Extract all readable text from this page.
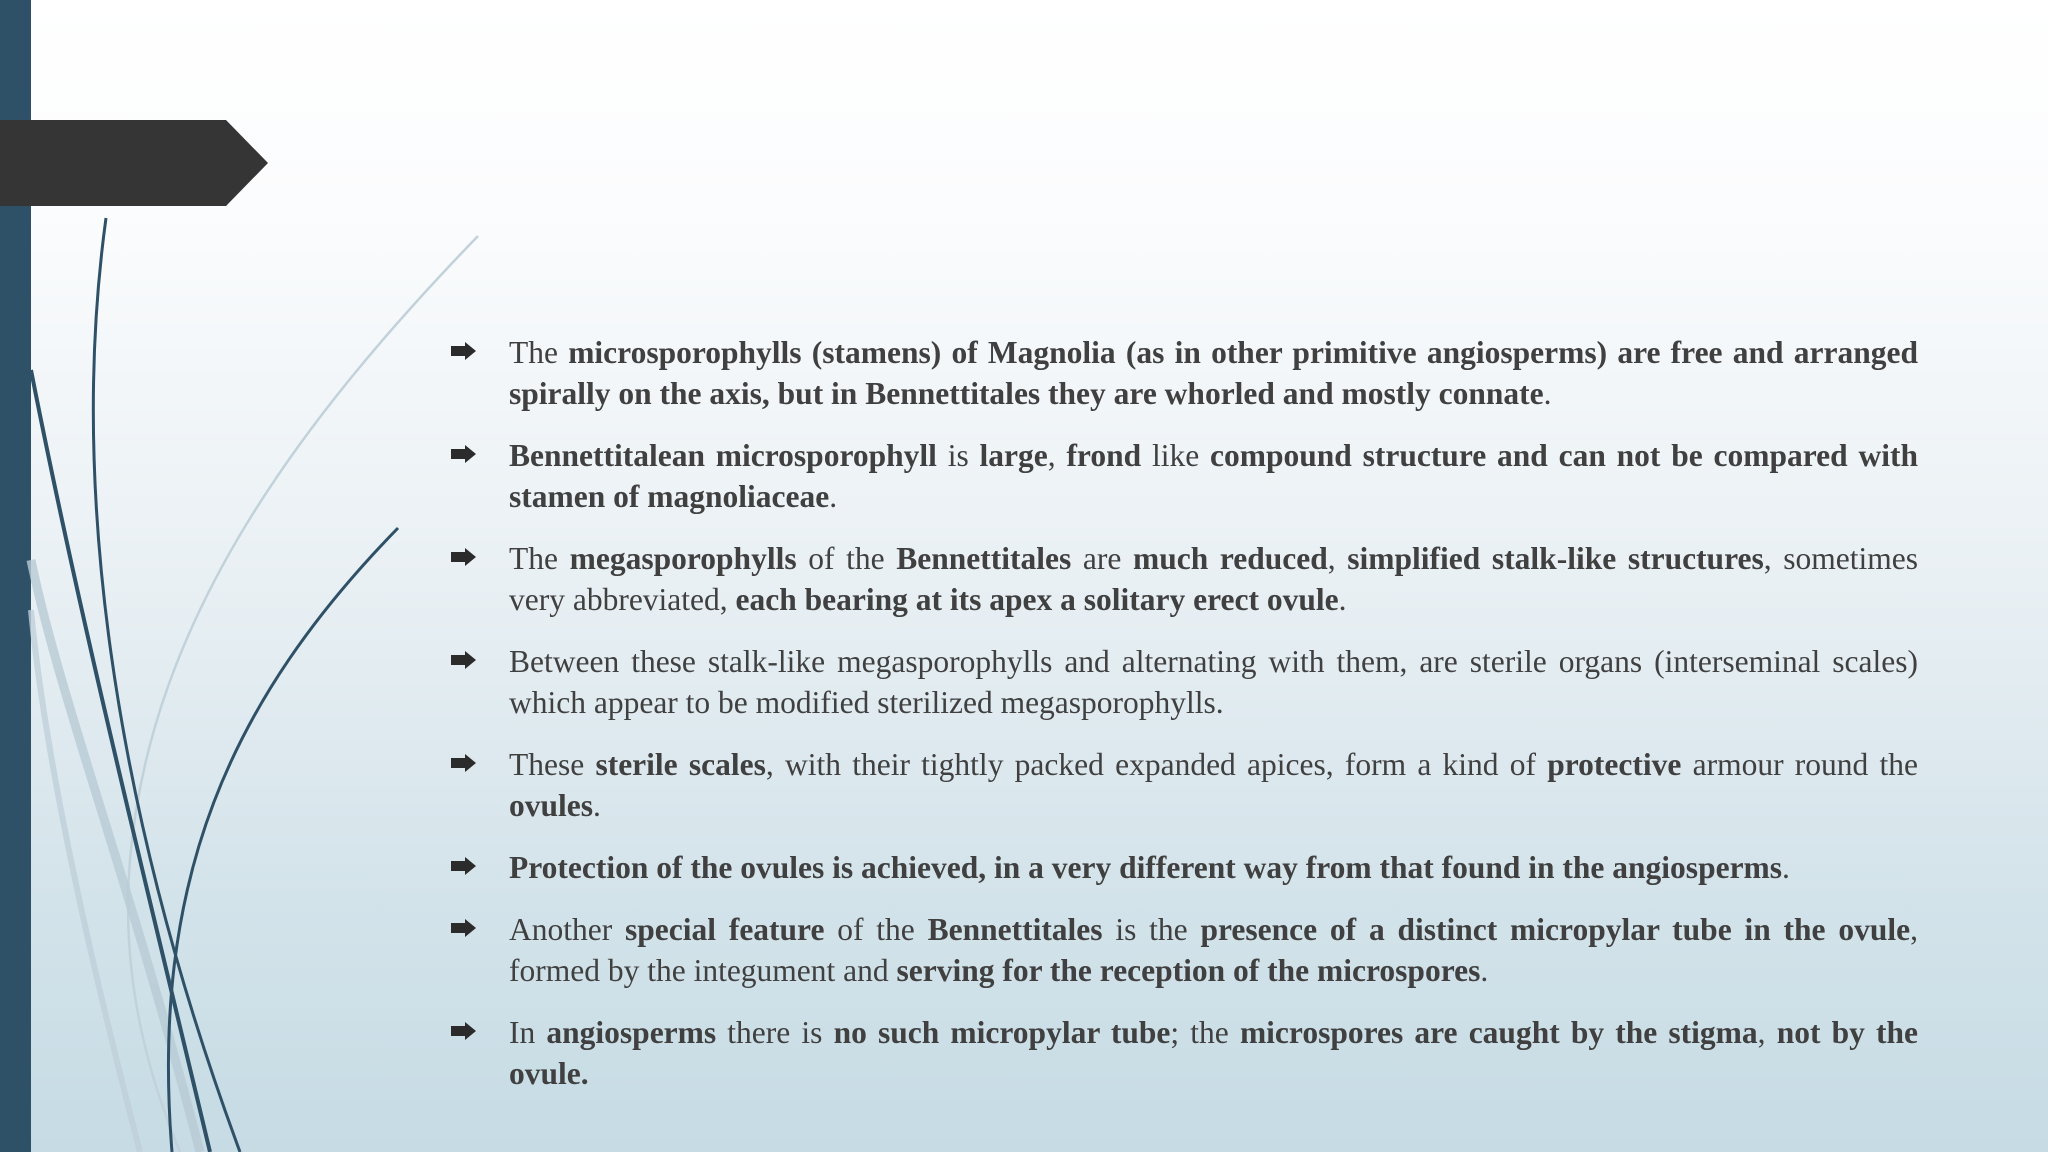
The microsporophylls (stamens) of Magnolia (as in other primitive angiosperms) are free and arranged spirally on the axis, but in Bennettitales they are whorled and mostly connate.
Bennettitalean microsporophyll is large, frond like compound structure and can not be compared with stamen of magnoliaceae.
The megasporophylls of the Bennettitales are much reduced, simplified stalk-like structures, sometimes very abbreviated, each bearing at its apex a solitary erect ovule.
Between these stalk-like megasporophylls and alternating with them, are sterile organs (interseminal scales) which appear to be modified sterilized megasporophylls.
These sterile scales, with their tightly packed expanded apices, form a kind of protective armour round the ovules.
Protection of the ovules is achieved, in a very different way from that found in the angiosperms.
Another special feature of the Bennettitales is the presence of a distinct micropylar tube in the ovule, formed by the integument and serving for the reception of the microspores.
In angiosperms there is no such micropylar tube; the microspores are caught by the stigma, not by the ovule.
